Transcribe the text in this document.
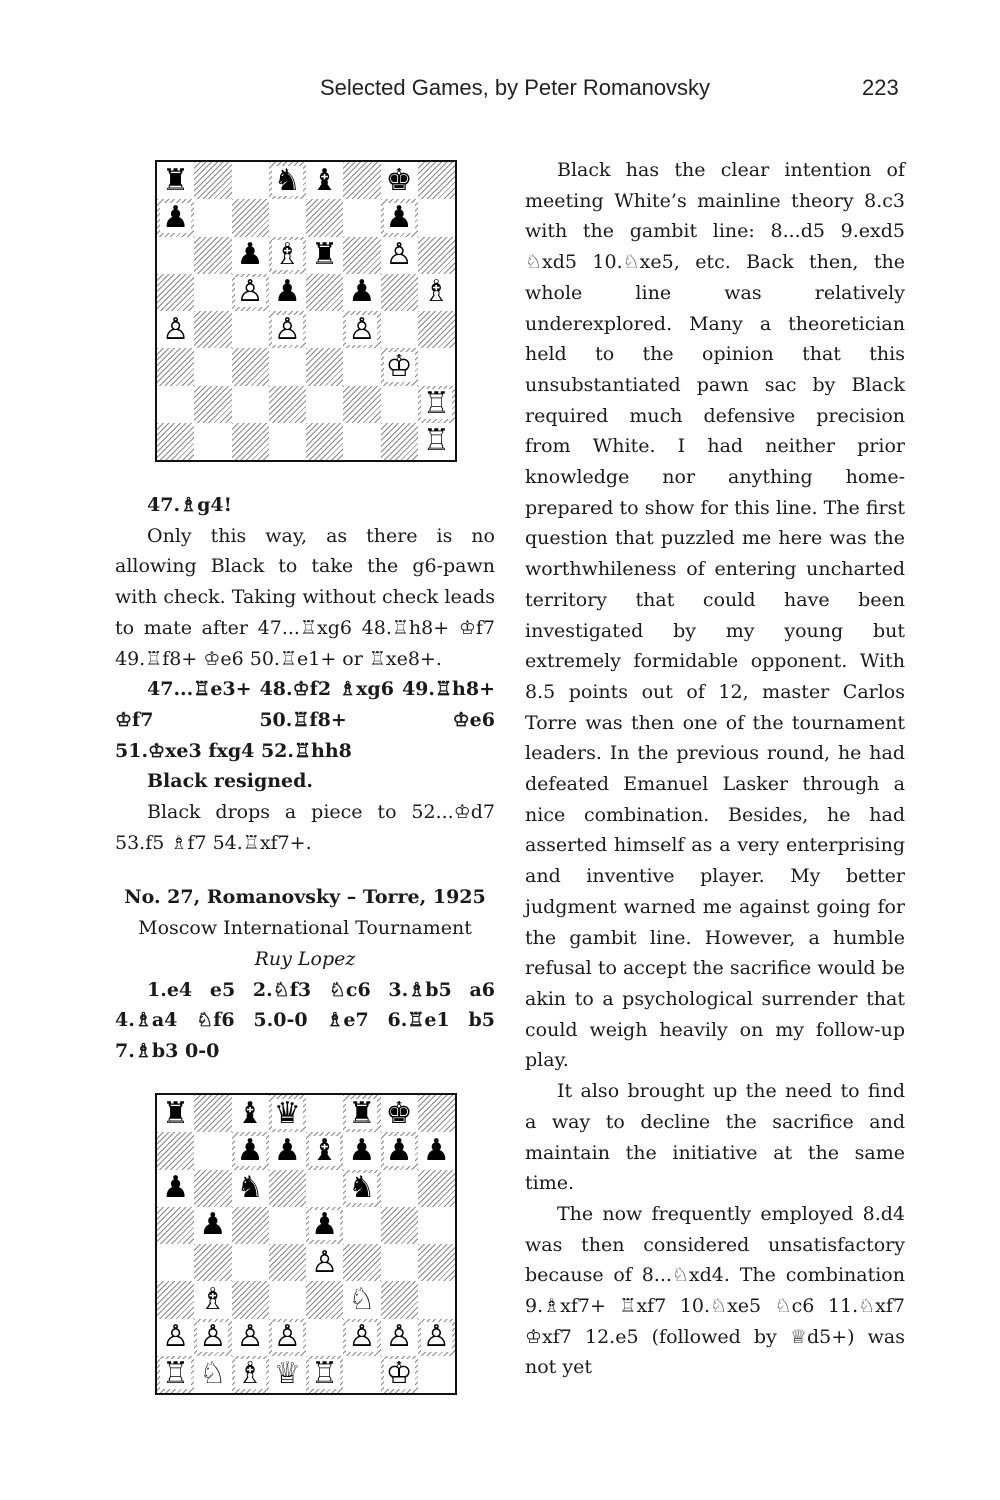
Selected Games, by Peter Romanovsky	223
♜	♞ ♝ ♚
♟	♟
♟ ♗ ♜ ♙
♙ ♟ ♟ ♗
♙	♙ ♙
♔
♖
♖

47.♗g4!

Only this way, as there is no allowing Black to take the g6-pawn with check. Taking without check leads to mate after 47...♖xg6 48.♖h8+ ♔f7 49.♖f8+ ♔e6 50.♖e1+ or ♖xe8+.

47...♖e3+ 48.♔f2 ♗xg6 49.♖h8+ ♔f7 50.♖f8+ ♔e6

51.♔xe3 fxg4 52.♖hh8

Black resigned.

Black drops a piece to 52...♔d7 53.f5 ♗f7 54.♖xf7+.

No. 27, Romanovsky – Torre, 1925

Moscow International Tournament

Ruy Lopez

1.e4 e5 2.♘f3 ♘c6 3.♗b5 a6 4.♗a4 ♘f6 5.0-0 ♗e7 6.♖e1 b5 7.♗b3 0-0

♜ ♝ ♛ ♜ ♚
♟ ♟ ♝ ♟ ♟ ♟
♟ ♞	♞
♟	♟
♙
♗	♘
♙ ♙ ♙ ♙ ♙ ♙ ♙
♖ ♘ ♗ ♕ ♖ ♔

Black has the clear intention of meeting White’s mainline theory 8.c3 with the gambit line: 8...d5 9.exd5 ♘xd5 10.♘xe5, etc. Back then, the whole line was relatively underexplored. Many a theoretician held to the opinion that this unsubstantiated pawn sac by Black required much defensive precision from White. I had neither prior knowledge nor anything home-prepared to show for this line. The first question that puzzled me here was the worthwhileness of entering uncharted territory that could have been investigated by my young but extremely formidable opponent. With 8.5 points out of 12, master Carlos Torre was then one of the tournament leaders. In the previous round, he had defeated Emanuel Lasker through a nice combination. Besides, he had asserted himself as a very enterprising and inventive player. My better judgment warned me against going for the gambit line. However, a humble refusal to accept the sacrifice would be akin to a psychological surrender that could weigh heavily on my follow-up play.

It also brought up the need to find a way to decline the sacrifice and maintain the initiative at the same time.

The now frequently employed 8.d4 was then considered unsatisfactory because of 8...♘xd4. The combination 9.♗xf7+ ♖xf7 10.♘xe5 ♘c6 11.♘xf7 ♔xf7 12.e5 (followed by ♕d5+) was not yet
